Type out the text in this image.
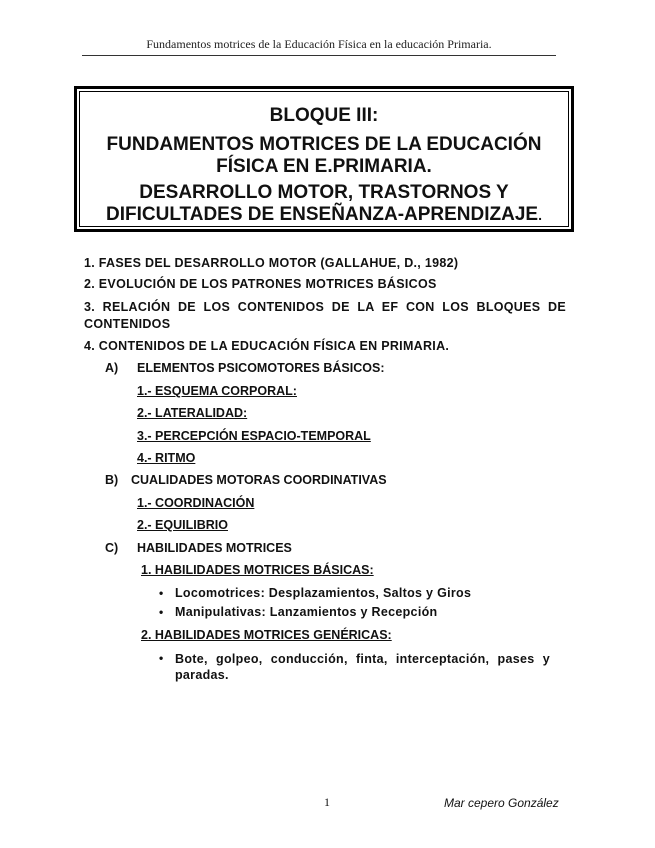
Fundamentos motrices de la Educación Física en la educación Primaria.
BLOQUE III:
FUNDAMENTOS MOTRICES DE LA EDUCACIÓN FÍSICA EN E.PRIMARIA.
DESARROLLO MOTOR, TRASTORNOS Y DIFICULTADES DE ENSEÑANZA-APRENDIZAJE.
1. FASES DEL DESARROLLO MOTOR (GALLAHUE, D., 1982)
2. EVOLUCIÓN DE LOS PATRONES MOTRICES BÁSICOS
3. RELACIÓN DE LOS CONTENIDOS DE LA EF CON LOS BLOQUES DE CONTENIDOS
4. CONTENIDOS DE LA EDUCACIÓN FÍSICA EN PRIMARIA.
A) ELEMENTOS PSICOMOTORES BÁSICOS:
1.- ESQUEMA CORPORAL:
2.- LATERALIDAD:
3.- PERCEPCIÓN ESPACIO-TEMPORAL
4.- RITMO
B) CUALIDADES MOTORAS COORDINATIVAS
1.- COORDINACIÓN
2.- EQUILIBRIO
C) HABILIDADES MOTRICES
1. HABILIDADES MOTRICES BÁSICAS:
• Locomotrices: Desplazamientos, Saltos y Giros
• Manipulativas: Lanzamientos y Recepción
2. HABILIDADES MOTRICES GENÉRICAS:
• Bote, golpeo, conducción, finta, interceptación, pases y paradas.
1	Mar cepero González
